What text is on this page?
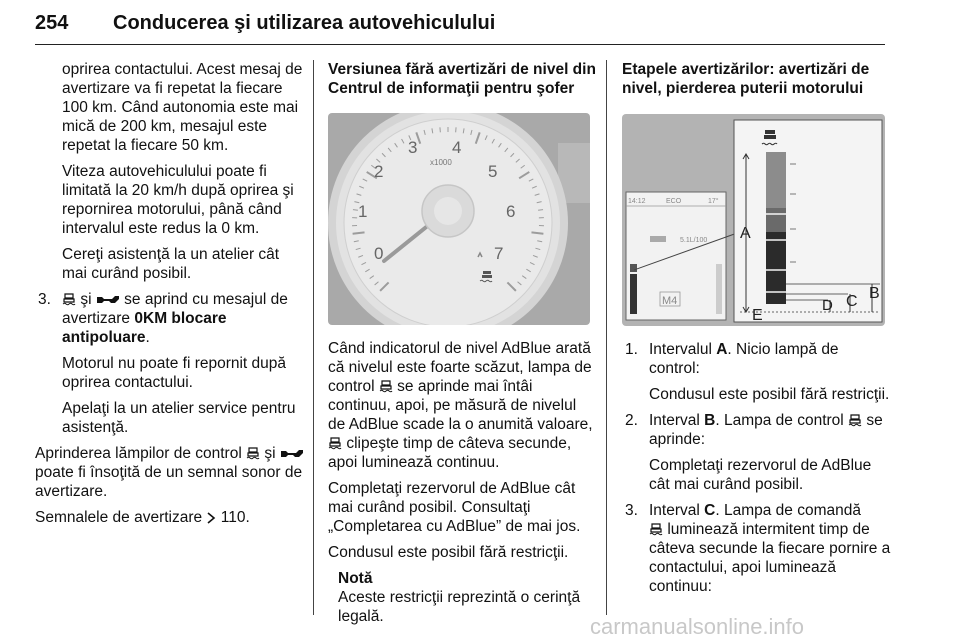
254 Conducerea şi utilizarea autovehiculului

oprirea contactului. Acest mesaj de avertizare va fi repetat la fiecare 100 km. Când autonomia este mai mică de 200 km, mesajul este repetat la fiecare 50 km.

Viteza autovehiculului poate fi limitată la 20 km/h după oprirea şi repornirea motorului, până când intervalul este redus la 0 km.

Cereţi asistenţă la un atelier cât mai curând posibil.

3. şi se aprind cu mesajul de avertizare 0KM blocare antipoluare.

Motorul nu poate fi repornit după oprirea contactului.

Apelaţi la un atelier service pentru asistenţă.

Aprinderea lămpilor de control şi  poate fi însoţită de un semnal sonor de avertizare.

Semnalele de avertizare 110.

Versiunea fără avertizări de nivel din Centrul de informaţii pentru şofer

0
1
2
3 4
5
6
7
x1000

Când indicatorul de nivel AdBlue arată că nivelul este foarte scăzut, lampa de control se aprinde mai întâi continuu, apoi, pe măsură de nivelul de AdBlue scade la o anumită valoare,  clipeşte timp de câteva secunde, apoi luminează continuu.

Completaţi rezervorul de AdBlue cât mai curând posibil. Consultaţi „Completarea cu AdBlue” de mai jos.

Condusul este posibil fără restricţii.

Notă
Aceste restricţii reprezintă o cerinţă legală.

Etapele avertizărilor: avertizări de nivel, pierderea puterii motorului

14:12	ECO	17°
5.1L/100
M4
A
B
C
D
E
1. Intervalul A. Nicio lampă de control:
Condusul este posibil fără restricţii.
2. Interval B. Lampa de control se aprinde:
Completaţi rezervorul de AdBlue cât mai curând posibil.
3. Interval C. Lampa de comandă
luminează intermitent timp de câteva secunde la fiecare pornire a contactului, apoi luminează continuu:
carmanualsonline.info
